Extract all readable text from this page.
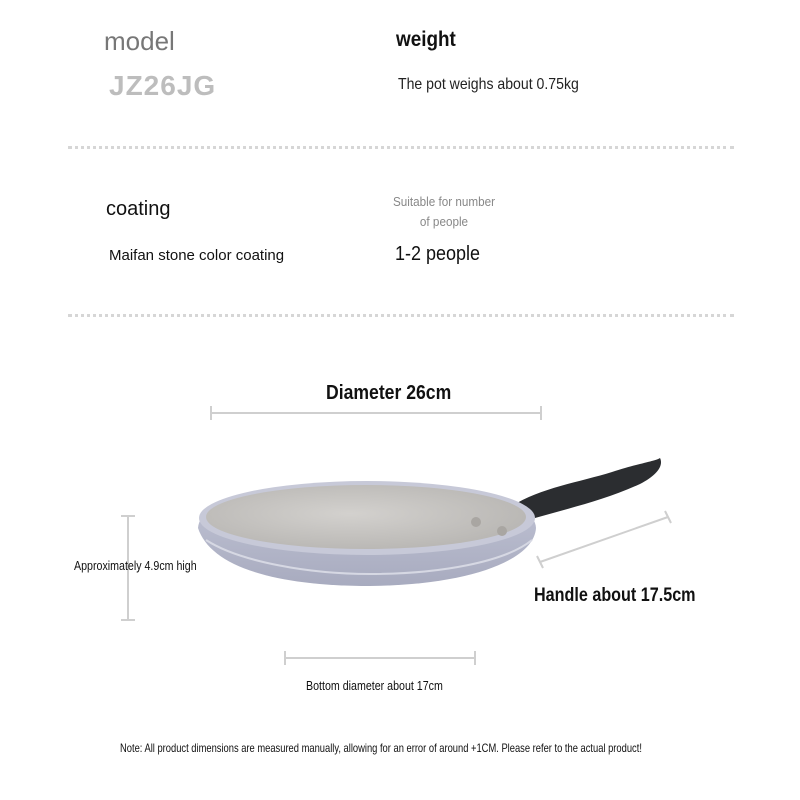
model
JZ26JG
weight
The pot weighs about 0.75kg
coating
Maifan stone color coating
Suitable for number of people
1-2 people
Diameter 26cm
Approximately 4.9cm high
Handle about 17.5cm
Bottom diameter about 17cm
Note: All product dimensions are measured manually, allowing for an error of around +1CM. Please refer to the actual product!
